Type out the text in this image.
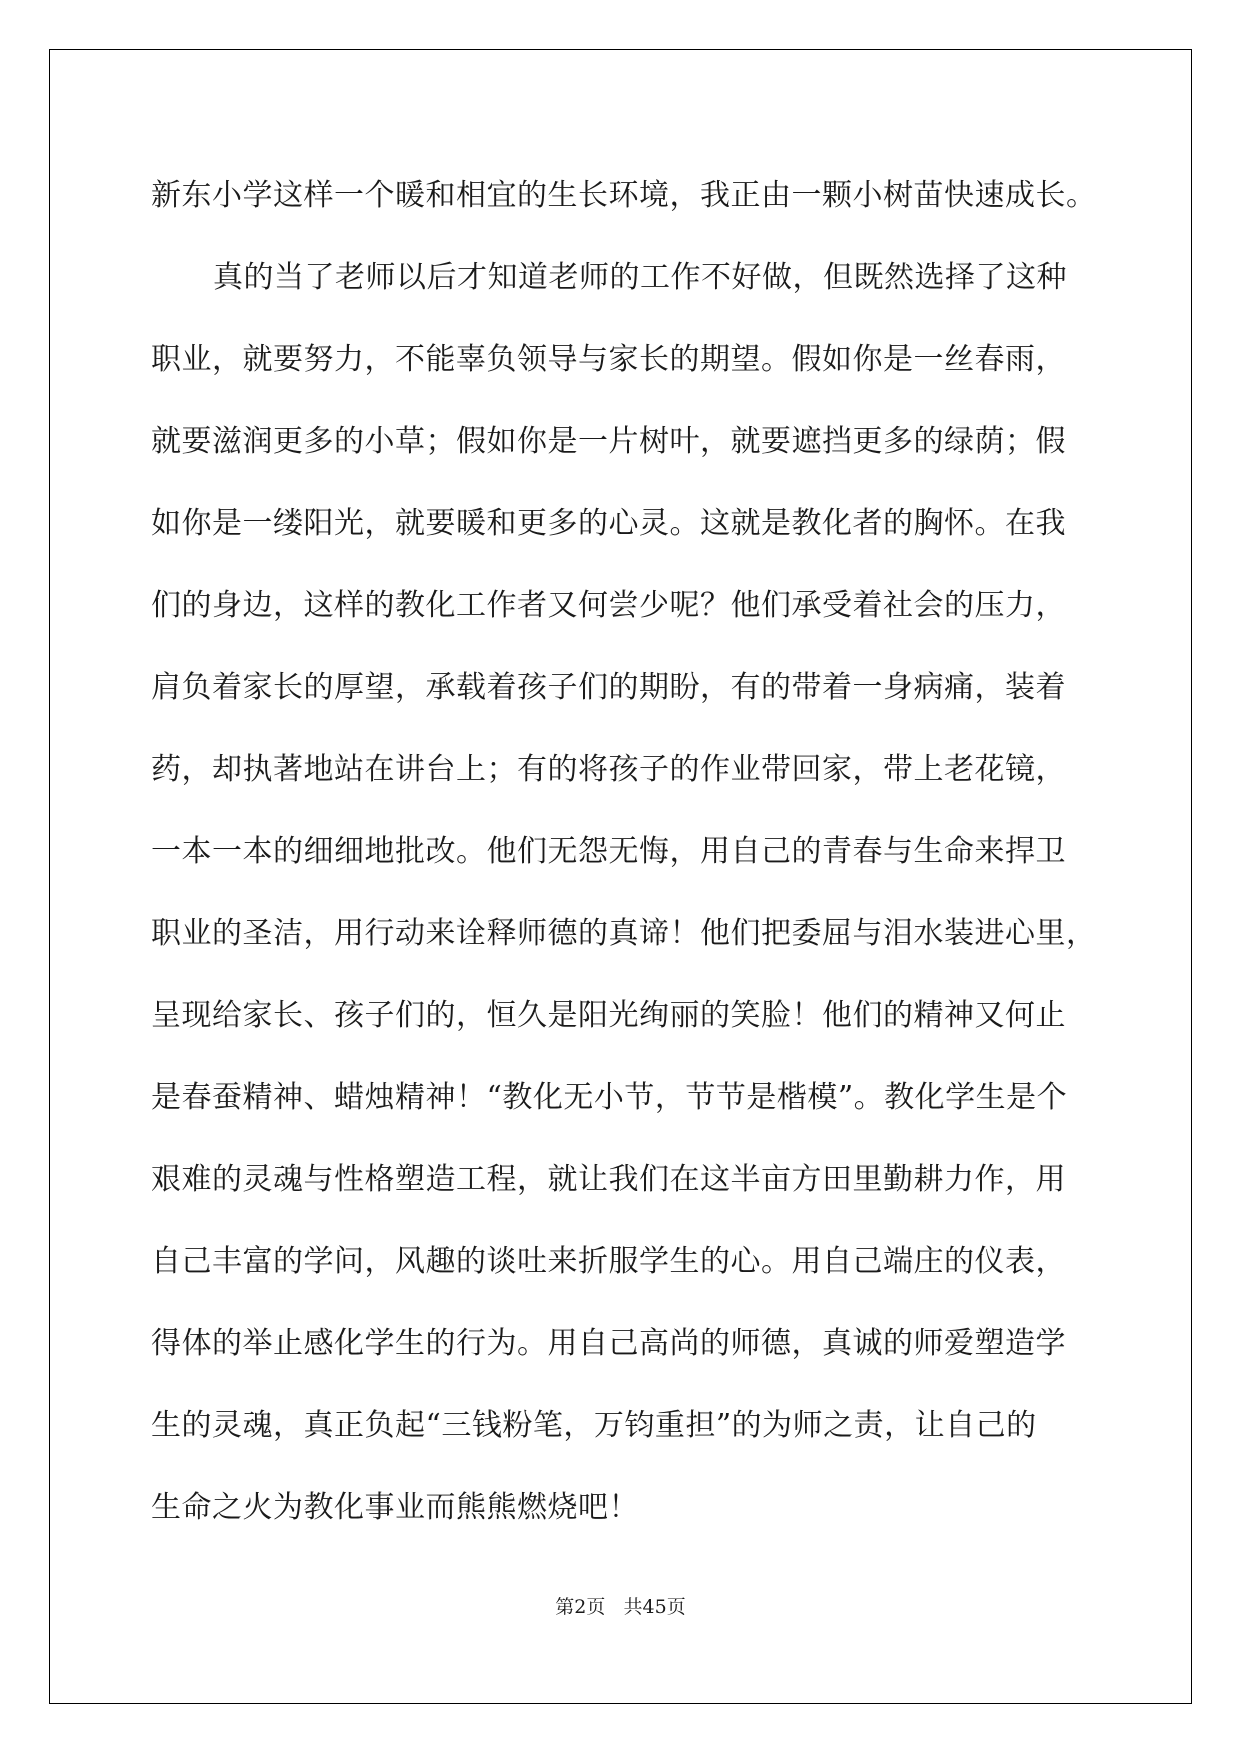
新东小学这样一个暖和相宜的生长环境，我正由一颗小树苗快速成长。
真的当了老师以后才知道老师的工作不好做，但既然选择了这种
职业，就要努力，不能辜负领导与家长的期望。假如你是一丝春雨，
就要滋润更多的小草；假如你是一片树叶，就要遮挡更多的绿荫；假
如你是一缕阳光，就要暖和更多的心灵。这就是教化者的胸怀。在我
们的身边，这样的教化工作者又何尝少呢？他们承受着社会的压力，
肩负着家长的厚望，承载着孩子们的期盼，有的带着一身病痛，装着
药，却执著地站在讲台上；有的将孩子的作业带回家，带上老花镜，
一本一本的细细地批改。他们无怨无悔，用自己的青春与生命来捍卫
职业的圣洁，用行动来诠释师德的真谛！他们把委屈与泪水装进心里，
呈现给家长、孩子们的，恒久是阳光绚丽的笑脸！他们的精神又何止
是春蚕精神、蜡烛精神！“教化无小节，节节是楷模”。教化学生是个
艰难的灵魂与性格塑造工程，就让我们在这半亩方田里勤耕力作，用
自己丰富的学问，风趣的谈吐来折服学生的心。用自己端庄的仪表，
得体的举止感化学生的行为。用自己高尚的师德，真诚的师爱塑造学
生的灵魂，真正负起“三钱粉笔，万钧重担”的为师之责，让自己的
生命之火为教化事业而熊熊燃烧吧！
第2页 共45页
